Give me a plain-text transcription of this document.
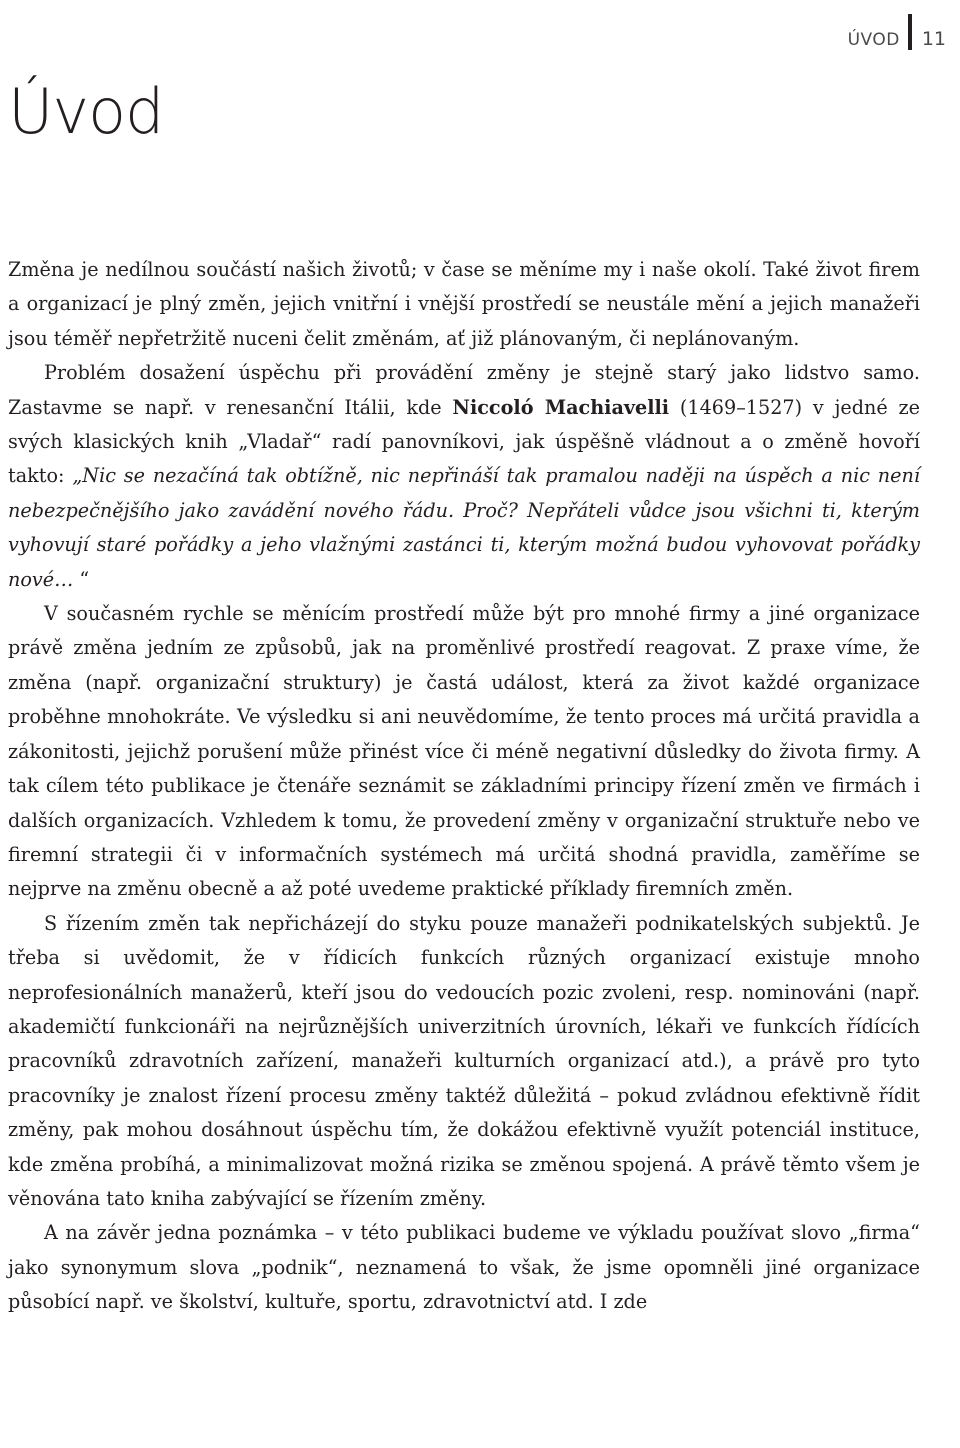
ÚVOD 11
Úvod

Změna je nedílnou součástí našich životů; v čase se měníme my i naše okolí. Také život firem a organizací je plný změn, jejich vnitřní i vnější prostředí se neustále mění a jejich manažeři jsou téměř nepřetržitě nuceni čelit změnám, ať již plánovaným, či neplánovaným.

Problém dosažení úspěchu při provádění změny je stejně starý jako lidstvo samo. Zastavme se např. v renesanční Itálii, kde Niccoló Machiavelli (1469–1527) v jedné ze svých klasických knih „Vladař“ radí panovníkovi, jak úspěšně vládnout a o změně hovoří takto: „Nic se nezačíná tak obtížně, nic nepřináší tak pramalou naději na úspěch a nic není nebezpečnějšího jako zavádění nového řádu. Proč? Nepřáteli vůdce jsou všichni ti, kterým vyhovují staré pořádky a jeho vlažnými zastánci ti, kterým možná budou vyhovovat pořádky nové… “

V současném rychle se měnícím prostředí může být pro mnohé firmy a jiné organizace právě změna jedním ze způsobů, jak na proměnlivé prostředí reagovat. Z praxe víme, že změna (např. organizační struktury) je častá událost, která za život každé organizace proběhne mnohokráte. Ve výsledku si ani neuvědomíme, že tento proces má určitá pravidla a zákonitosti, jejichž porušení může přinést více či méně negativní důsledky do života firmy. A tak cílem této publikace je čtenáře seznámit se základními principy řízení změn ve firmách i dalších organizacích. Vzhledem k tomu, že provedení změny v organizační struktuře nebo ve firemní strategii či v informačních systémech má určitá shodná pravidla, zaměříme se nejprve na změnu obecně a až poté uvedeme praktické příklady firemních změn.

S řízením změn tak nepřicházejí do styku pouze manažeři podnikatelských subjektů. Je třeba si uvědomit, že v řídicích funkcích různých organizací existuje mnoho neprofesionálních manažerů, kteří jsou do vedoucích pozic zvoleni, resp. nominováni (např. akademičtí funkcionáři na nejrůznějších univerzitních úrovních, lékaři ve funkcích řídících pracovníků zdravotních zařízení, manažeři kulturních organizací atd.), a právě pro tyto pracovníky je znalost řízení procesu změny taktéž důležitá – pokud zvládnou efektivně řídit změny, pak mohou dosáhnout úspěchu tím, že dokážou efektivně využít potenciál instituce, kde změna probíhá, a minimalizovat možná rizika se změnou spojená. A právě těmto všem je věnována tato kniha zabývající se řízením změny.

A na závěr jedna poznámka – v této publikaci budeme ve výkladu používat slovo „firma“ jako synonymum slova „podnik“, neznamená to však, že jsme opomněli jiné organizace působící např. ve školství, kultuře, sportu, zdravotnictví atd. I zde
